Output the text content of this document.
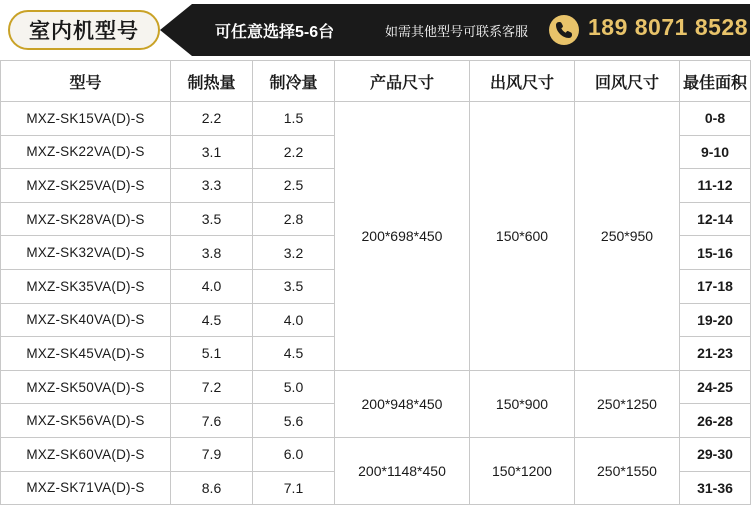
室内机型号	可任意选择5-6台	如需其他型号可联系客服	189 8071 8528
型号	制热量	制冷量	产品尺寸	出风尺寸	回风尺寸	最佳面积
MXZ-SK15VA(D)-S	2.2	1.5	200*698*450	150*600	250*950	0-8
MXZ-SK22VA(D)-S	3.1	2.2				9-10
MXZ-SK25VA(D)-S	3.3	2.5				11-12
MXZ-SK28VA(D)-S	3.5	2.8				12-14
MXZ-SK32VA(D)-S	3.8	3.2				15-16
MXZ-SK35VA(D)-S	4.0	3.5				17-18
MXZ-SK40VA(D)-S	4.5	4.0				19-20
MXZ-SK45VA(D)-S	5.1	4.5				21-23
MXZ-SK50VA(D)-S	7.2	5.0	200*948*450	150*900	250*1250	24-25
MXZ-SK56VA(D)-S	7.6	5.6				26-28
MXZ-SK60VA(D)-S	7.9	6.0	200*1148*450	150*1200	250*1550	29-30
MXZ-SK71VA(D)-S	8.6	7.1				31-36
